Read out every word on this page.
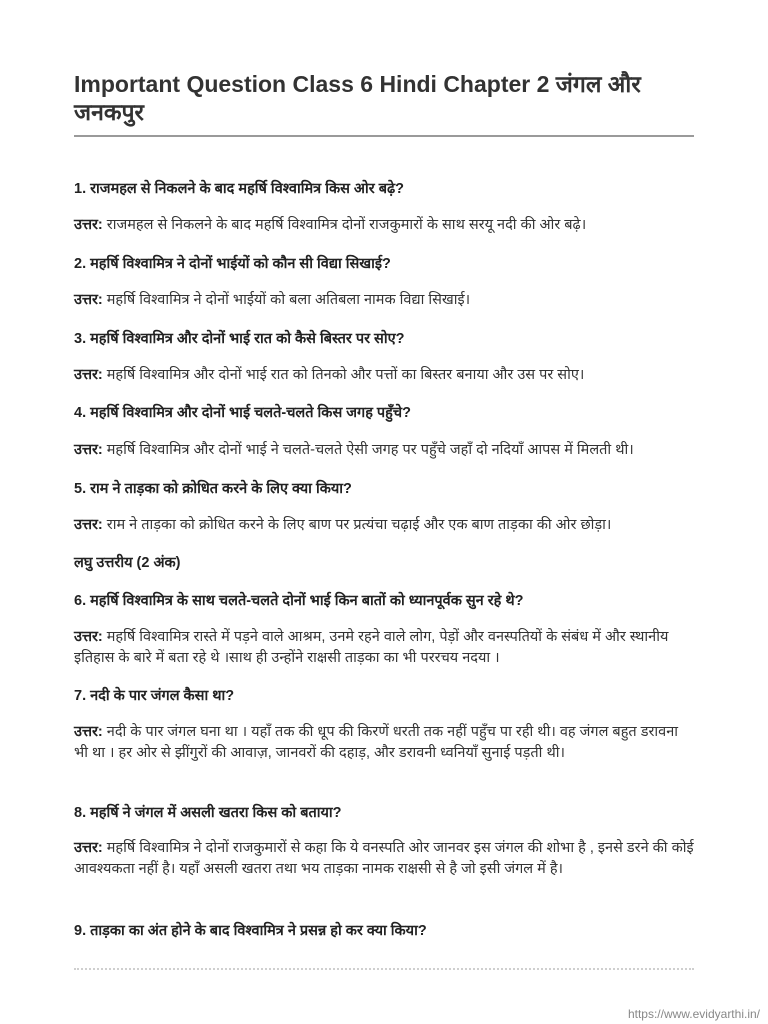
Important Question Class 6 Hindi Chapter 2 जंगल और जनकपुर
1. राजमहल से निकलने के बाद महर्षि विश्वामित्र किस ओर बढ़े?
उत्तर: राजमहल से निकलने के बाद महर्षि विश्वामित्र दोनों राजकुमारों के साथ सरयू नदी की ओर बढ़े।
2. महर्षि विश्वामित्र ने दोनों भाईयों को कौन सी विद्या सिखाई?
उत्तर: महर्षि विश्वामित्र ने दोनों भाईयों को बला अतिबला नामक विद्या सिखाई।
3. महर्षि विश्वामित्र और दोनों भाई रात को कैसे बिस्तर पर सोए?
उत्तर: महर्षि विश्वामित्र और दोनों भाई रात को तिनको और पत्तों का बिस्तर बनाया और उस पर सोए।
4. महर्षि विश्वामित्र और दोनों भाई चलते-चलते किस जगह पहुँचे?
उत्तर: महर्षि विश्वामित्र और दोनों भाई ने चलते-चलते ऐसी जगह पर पहुँचे जहाँ दो नदियाँ आपस में मिलती थी।
5. राम ने ताड़का को क्रोधित करने के लिए क्या किया?
उत्तर: राम ने ताड़का को क्रोधित करने के लिए बाण पर प्रत्यंचा चढ़ाई और एक बाण ताड़का की ओर छोड़ा।
लघु उत्तरीय (2 अंक)
6. महर्षि विश्वामित्र के साथ चलते-चलते दोनों भाई किन बातों को ध्यानपूर्वक सुन रहे थे?
उत्तर: महर्षि विश्वामित्र रास्ते में पड़ने वाले आश्रम, उनमे रहने वाले लोग, पेड़ों और वनस्पतियों के संबंध में और स्थानीय इतिहास के बारे में बता रहे थे ।साथ ही उन्होंने राक्षसी ताड़का का भी पररचय नदया ।
7. नदी के पार जंगल कैसा था?
उत्तर: नदी के पार जंगल घना था । यहाँ तक की धूप की किरणें धरती तक नहीं पहुँच पा रही थी। वह जंगल बहुत डरावना भी था । हर ओर से झींगुरों की आवाज़, जानवरों की दहाड़, और डरावनी ध्वनियाँ सुनाई पड़ती थी।
8. महर्षि ने जंगल में असली खतरा किस को बताया?
उत्तर: महर्षि विश्वामित्र ने दोनों राजकुमारों से कहा कि ये वनस्पति ओर जानवर इस जंगल की शोभा है , इनसे डरने की कोई आवश्यकता नहीं है। यहाँ असली खतरा तथा भय ताड़का नामक राक्षसी से है जो इसी जंगल में है।
9. ताड़का का अंत होने के बाद विश्वामित्र ने प्रसन्न हो कर क्या किया?
https://www.evidyarthi.in/
